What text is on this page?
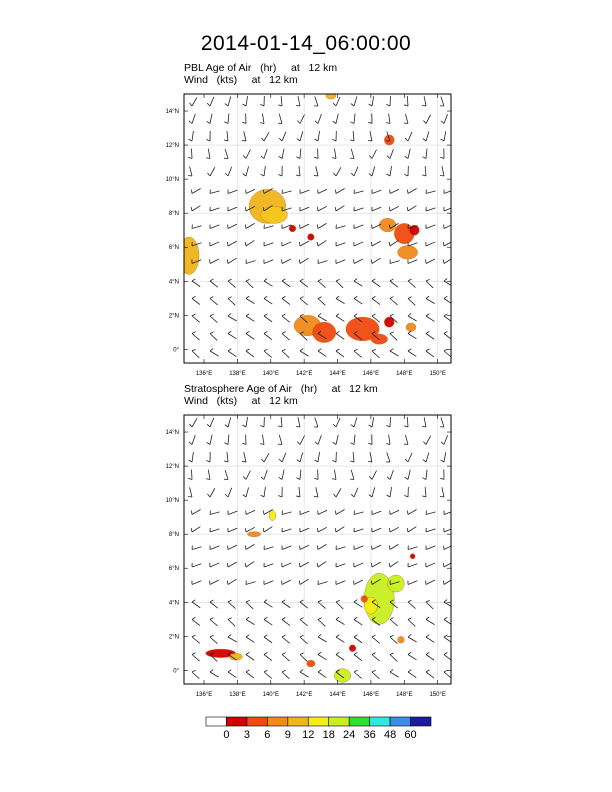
2014-01-14_06:00:00
PBL Age of Air   (hr)     at   12 km
Wind   (kts)     at   12 km
136°E	138°E	140°E	142°E	144°E	146°E	148°E	150°E
14°N
12°N
10°N
8°N
6°N
4°N
2°N
0°
Stratosphere Age of Air   (hr)     at   12 km
Wind   (kts)     at   12 km
136°E	138°E	140°E	142°E	144°E	146°E	148°E	150°E
14°N
12°N
10°N
8°N
6°N
4°N
2°N
0°
0 3 6 9 12 18 24 36 48 60
